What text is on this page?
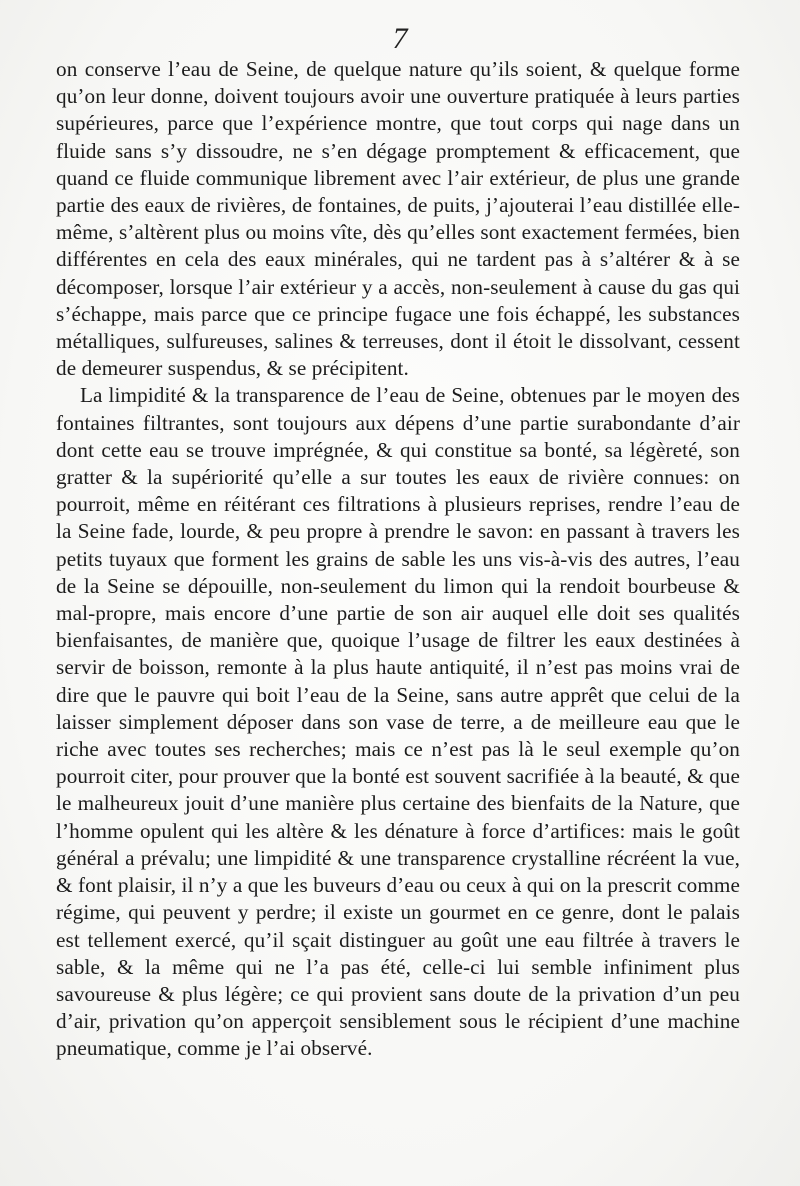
7

on conserve l’eau de Seine, de quelque nature qu’ils soient, & quelque forme qu’on leur donne, doivent toujours avoir une ouverture pratiquée à leurs parties supérieures, parce que l’expérience montre, que tout corps qui nage dans un fluide sans s’y dissoudre, ne s’en dégage promptement & efficacement, que quand ce fluide communique librement avec l’air extérieur, de plus une grande partie des eaux de rivières, de fontaines, de puits, j’ajouterai l’eau distillée elle-même, s’altèrent plus ou moins vîte, dès qu’elles sont exactement fermées, bien différentes en cela des eaux minérales, qui ne tardent pas à s’altérer & à se décomposer, lorsque l’air extérieur y a accès, non-seulement à cause du gas qui s’échappe, mais parce que ce principe fugace une fois échappé, les substances métalliques, sulfureuses, salines & terreuses, dont il étoit le dissolvant, cessent de demeurer suspendus, & se précipitent.

La limpidité & la transparence de l’eau de Seine, obtenues par le moyen des fontaines filtrantes, sont toujours aux dépens d’une partie surabondante d’air dont cette eau se trouve imprégnée, & qui constitue sa bonté, sa légèreté, son gratter & la supériorité qu’elle a sur toutes les eaux de rivière connues: on pourroit, même en réitérant ces filtrations à plusieurs reprises, rendre l’eau de la Seine fade, lourde, & peu propre à prendre le savon: en passant à travers les petits tuyaux que forment les grains de sable les uns vis-à-vis des autres, l’eau de la Seine se dépouille, non-seulement du limon qui la rendoit bourbeuse & mal-propre, mais encore d’une partie de son air auquel elle doit ses qualités bienfaisantes, de manière que, quoique l’usage de filtrer les eaux destinées à servir de boisson, remonte à la plus haute antiquité, il n’est pas moins vrai de dire que le pauvre qui boit l’eau de la Seine, sans autre apprêt que celui de la laisser simplement déposer dans son vase de terre, a de meilleure eau que le riche avec toutes ses recherches; mais ce n’est pas là le seul exemple qu’on pourroit citer, pour prouver que la bonté est souvent sacrifiée à la beauté, & que le malheureux jouit d’une manière plus certaine des bienfaits de la Nature, que l’homme opulent qui les altère & les dénature à force d’artifices: mais le goût général a prévalu; une limpidité & une transparence crystalline récréent la vue, & font plaisir, il n’y a que les buveurs d’eau ou ceux à qui on la prescrit comme régime, qui peuvent y perdre; il existe un gourmet en ce genre, dont le palais est tellement exercé, qu’il sçait distinguer au goût une eau filtrée à travers le sable, & la même qui ne l’a pas été, celle-ci lui semble infiniment plus savoureuse & plus légère; ce qui provient sans doute de la privation d’un peu d’air, privation qu’on apperçoit sensiblement sous le récipient d’une machine pneumatique, comme je l’ai observé.
